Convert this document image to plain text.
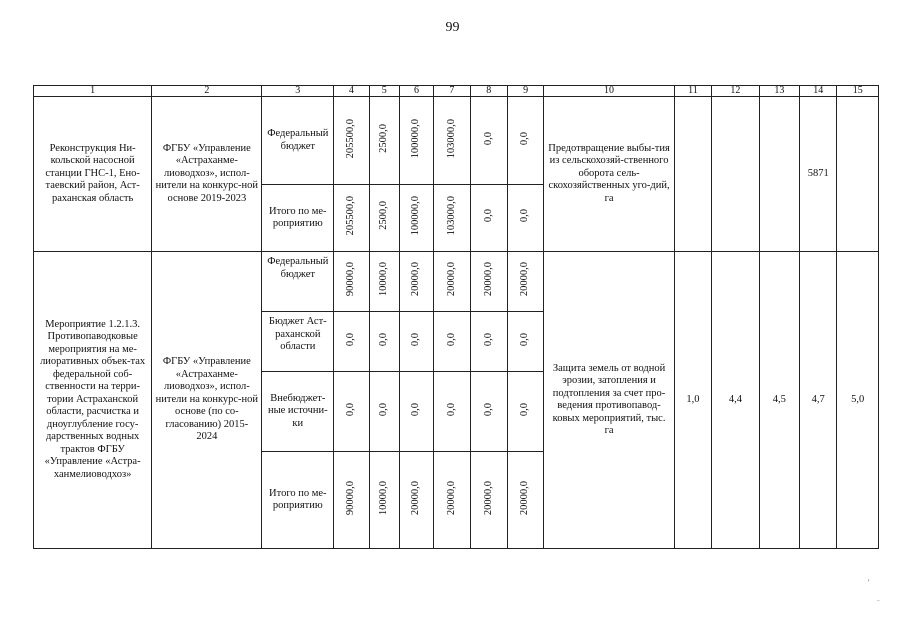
99
1	2	3	4	5	6	7	8	9	10	11	12	13	14	15
Реконструкция Ни-кольской насосной станции ГНС-1, Ено-таевский район, Аст-раханская область	ФГБУ «Управление «Астраханме-лиоводхоз», испол-нители на конкурс-ной основе 2019-2023	Федеральный бюджет	205500,0	2500,0	100000,0	103000,0	0,0	0,0	Предотвращение выбы-тия из сельскохозяй-ственного оборота сель-скохозяйственных уго-дий, га				5871	
		Итого по ме-роприятию	205500,0	2500,0	100000,0	103000,0	0,0	0,0						
Мероприятие 1.2.1.3. Противопаводковые мероприятия на ме-лиоративных объек-тах федеральной соб-ственности на терри-тории Астраханской области, расчистка и дноуглубление госу-дарственных водных трактов ФГБУ «Управление «Астра-ханмелиоводхоз»	ФГБУ «Управление «Астраханме-лиоводхоз», испол-нители на конкурс-ной основе (по со-гласованию) 2015-2024	Федеральный бюджет	90000,0	10000,0	20000,0	20000,0	20000,0	20000,0	Защита земель от водной эрозии, затопления и подтопления за счет про-ведения противопавод-ковых мероприятий, тыс. га	1,0	4,4	4,5	4,7	5,0
		Бюджет Аст-раханской области	0,0	0,0	0,0	0,0	0,0	0,0						
		Внебюджет-ные источни-ки	0,0	0,0	0,0	0,0	0,0	0,0						
		Итого по ме-роприятию	90000,0	10000,0	20000,0	20000,0	20000,0	20000,0						
'
-
